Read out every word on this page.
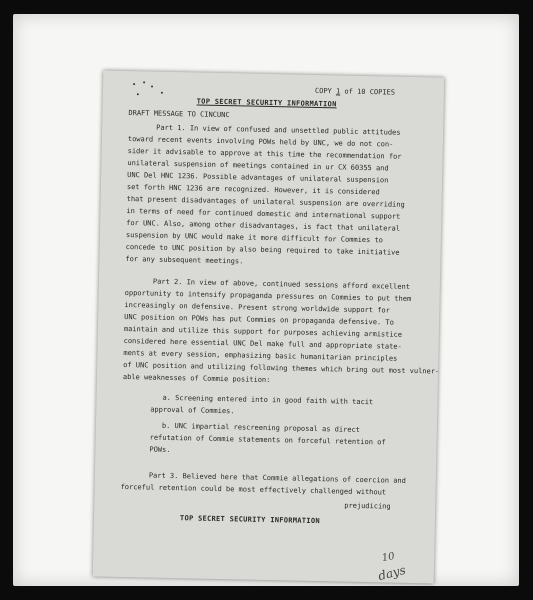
COPY 1 of 10 COPIES
TOP SECRET SECURITY INFORMATION
DRAFT MESSAGE TO CINCUNC
Part 1. In view of confused and unsettled public attitudes
toward recent events involving POWs held by UNC, we do not con-
sider it advisable to approve at this time the recommendation for
unilateral suspension of meetings contained in ur CX 60355 and
UNC Del HNC 1236. Possible advantages of unilateral suspension
set forth HNC 1236 are recognized. However, it is considered
that present disadvantages of unilateral suspension are overriding
in terms of need for continued domestic and international support
for UNC. Also, among other disadvantages, is fact that unilateral
suspension by UNC would make it more difficult for Commies to
concede to UNC position by also being required to take initiative
for any subsequent meetings.
Part 2. In view of above, continued sessions afford excellent
opportunity to intensify propaganda pressures on Commies to put them
increasingly on defensive. Present strong worldwide support for
UNC position on POWs has put Commies on propaganda defensive. To
maintain and utilize this support for purposes achieving armistice
considered here essential UNC Del make full and appropriate state-
ments at every session, emphasizing basic humanitarian principles
of UNC position and utilizing following themes which bring out most vulner-
able weaknesses of Commie position:
a. Screening entered into in good faith with tacit
approval of Commies.
b. UNC impartial rescreening proposal as direct
refutation of Commie statements on forceful retention of
POWs.
Part 3. Believed here that Commie allegations of coercion and
forceful retention could be most effectively challenged without
prejudicing
TOP SECRET SECURITY INFORMATION
10
days
